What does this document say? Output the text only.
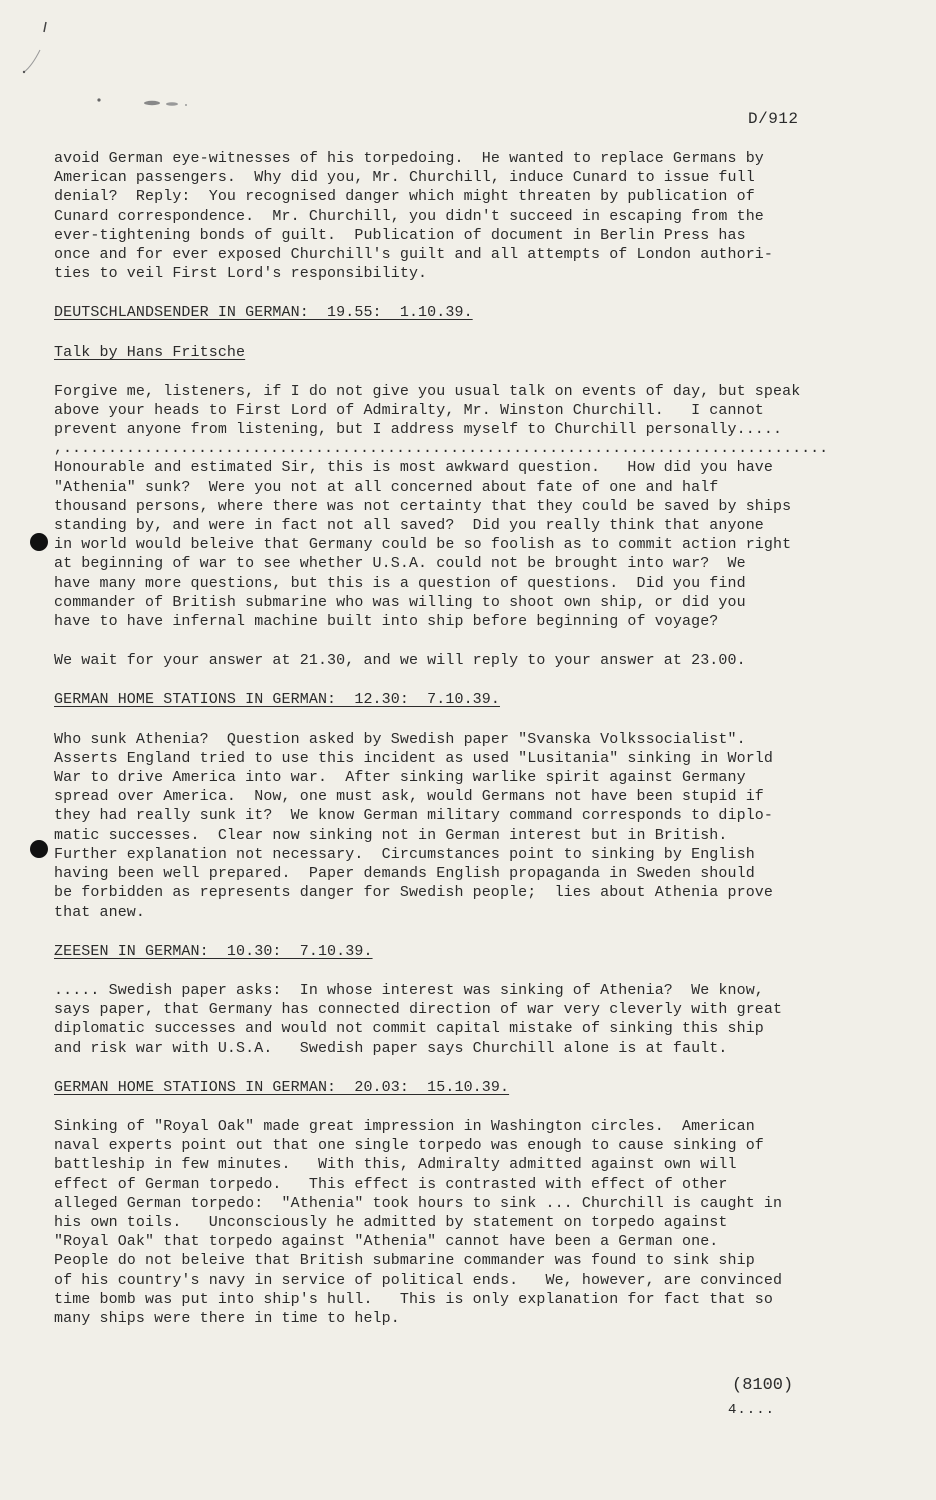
D/912

avoid German eye-witnesses of his torpedoing.  He wanted to replace Germans by
American passengers.  Why did you, Mr. Churchill, induce Cunard to issue full
denial?  Reply:  You recognised danger which might threaten by publication of
Cunard correspondence.  Mr. Churchill, you didn't succeed in escaping from the
ever-tightening bonds of guilt.  Publication of document in Berlin Press has
once and for ever exposed Churchill's guilt and all attempts of London authori-
ties to veil First Lord's responsibility.

DEUTSCHLANDSENDER IN GERMAN:  19.55:  1.10.39.

Talk by Hans Fritsche

Forgive me, listeners, if I do not give you usual talk on events of day, but speak
above your heads to First Lord of Admiralty, Mr. Winston Churchill.   I cannot
prevent anyone from listening, but I address myself to Churchill personally.....

,.....................................................................................

Honourable and estimated Sir, this is most awkward question.   How did you have
"Athenia" sunk?  Were you not at all concerned about fate of one and half
thousand persons, where there was not certainty that they could be saved by ships
standing by, and were in fact not all saved?  Did you really think that anyone
in world would beleive that Germany could be so foolish as to commit action right
at beginning of war to see whether U.S.A. could not be brought into war?  We
have many more questions, but this is a question of questions.  Did you find
commander of British submarine who was willing to shoot own ship, or did you
have to have infernal machine built into ship before beginning of voyage?

We wait for your answer at 21.30, and we will reply to your answer at 23.00.

GERMAN HOME STATIONS IN GERMAN:  12.30:  7.10.39.

Who sunk Athenia?  Question asked by Swedish paper "Svanska Volkssocialist".
Asserts England tried to use this incident as used "Lusitania" sinking in World
War to drive America into war.  After sinking warlike spirit against Germany
spread over America.  Now, one must ask, would Germans not have been stupid if
they had really sunk it?  We know German military command corresponds to diplo-
matic successes.  Clear now sinking not in German interest but in British.
Further explanation not necessary.  Circumstances point to sinking by English
having been well prepared.  Paper demands English propaganda in Sweden should
be forbidden as represents danger for Swedish people;  lies about Athenia prove
that anew.

ZEESEN IN GERMAN:  10.30:  7.10.39.

..... Swedish paper asks:  In whose interest was sinking of Athenia?  We know,
says paper, that Germany has connected direction of war very cleverly with great
diplomatic successes and would not commit capital mistake of sinking this ship
and risk war with U.S.A.   Swedish paper says Churchill alone is at fault.

GERMAN HOME STATIONS IN GERMAN:  20.03:  15.10.39.

Sinking of "Royal Oak" made great impression in Washington circles.  American
naval experts point out that one single torpedo was enough to cause sinking of
battleship in few minutes.   With this, Admiralty admitted against own will
effect of German torpedo.   This effect is contrasted with effect of other
alleged German torpedo:  "Athenia" took hours to sink ... Churchill is caught in
his own toils.   Unconsciously he admitted by statement on torpedo against
"Royal Oak" that torpedo against "Athenia" cannot have been a German one.
People do not beleive that British submarine commander was found to sink ship
of his country's navy in service of political ends.   We, however, are convinced
time bomb was put into ship's hull.   This is only explanation for fact that so
many ships were there in time to help.

(8100)
4....
